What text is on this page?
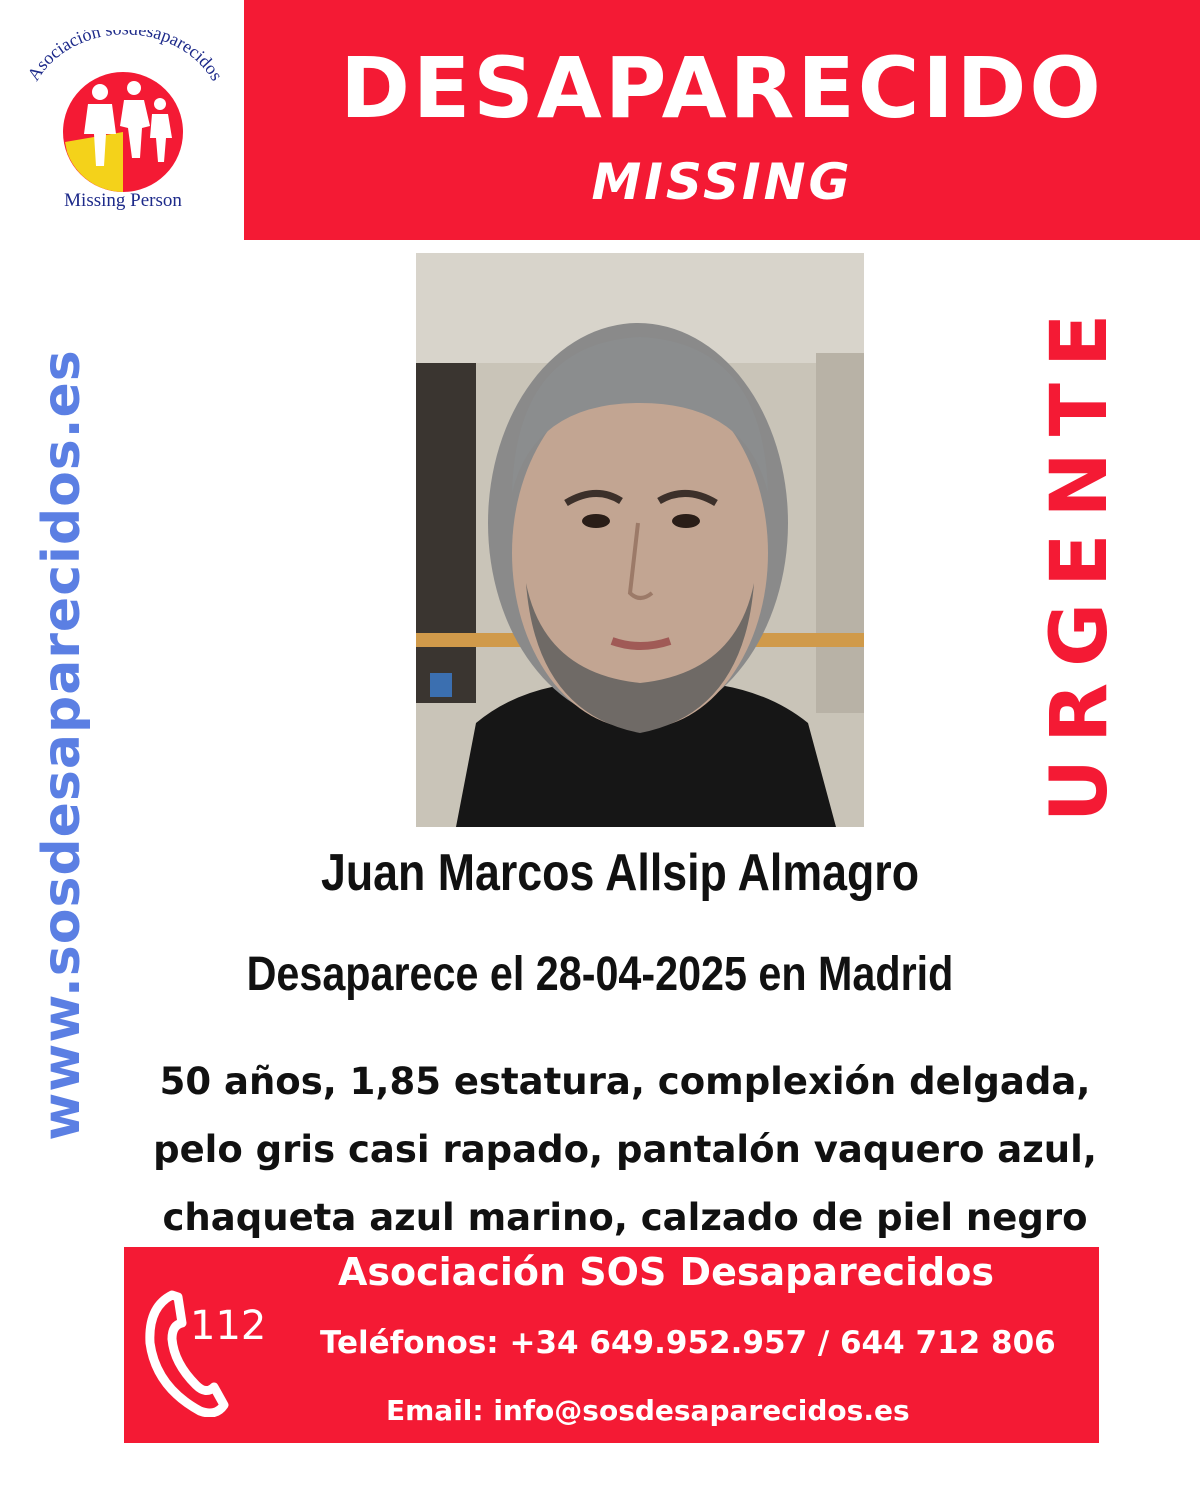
Asociación saparecidos
Missing Person
DESAPARECIDO
MISSING
www.sosdesaparecidos.es	URGENTE
Juan Marcos Allsip Almagro
Desaparece el 28-04-2025 en Madrid
50 años, 1,85 estatura, complexión delgada,
pelo gris casi rapado, pantalón vaquero azul,
chaqueta azul marino, calzado de piel negro
112
Asociación SOS Desaparecidos
Teléfonos: +34 649.952.957 / 644 712 806
Email: info@sosdesaparecidos.es
